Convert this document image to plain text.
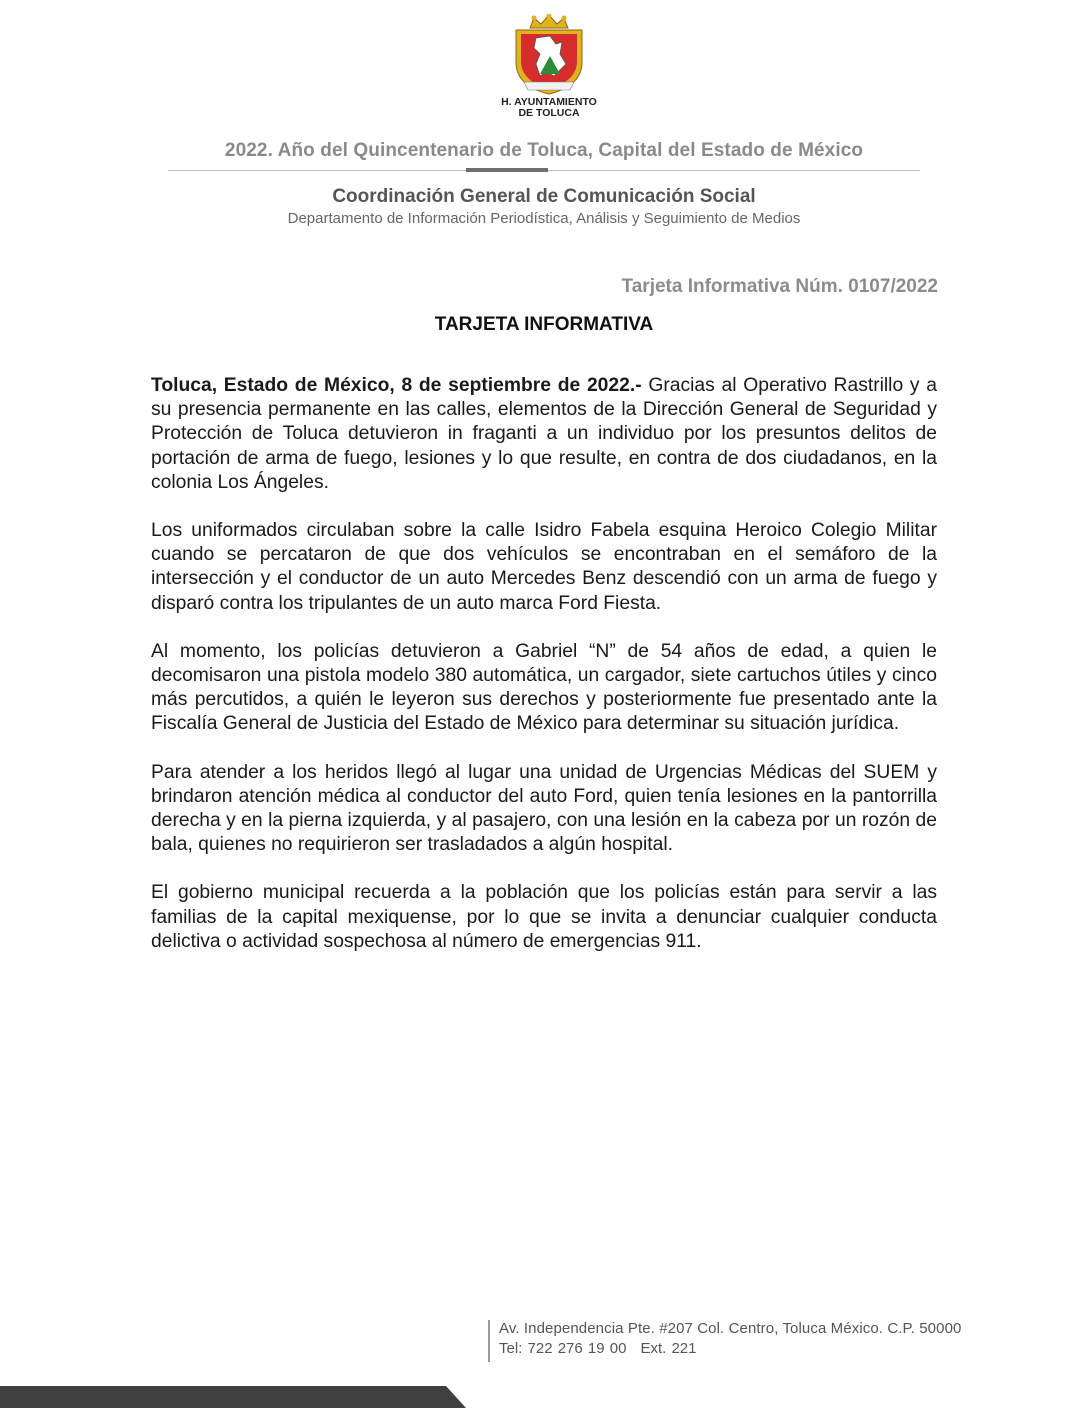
H. AYUNTAMIENTO
DE TOLUCA
2022. Año del Quincentenario de Toluca, Capital del Estado de México
Coordinación General de Comunicación Social
Departamento de Información Periodística, Análisis y Seguimiento de Medios
Tarjeta Informativa Núm. 0107/2022
TARJETA INFORMATIVA

Toluca, Estado de México, 8 de septiembre de 2022.- Gracias al Operativo Rastrillo y a su presencia permanente en las calles, elementos de la Dirección General de Seguridad y Protección de Toluca detuvieron in fraganti a un individuo por los presuntos delitos de portación de arma de fuego, lesiones y lo que resulte, en contra de dos ciudadanos, en la colonia Los Ángeles.

Los uniformados circulaban sobre la calle Isidro Fabela esquina Heroico Colegio Militar cuando se percataron de que dos vehículos se encontraban en el semáforo de la intersección y el conductor de un auto Mercedes Benz descendió con un arma de fuego y disparó contra los tripulantes de un auto marca Ford Fiesta.

Al momento, los policías detuvieron a Gabriel “N” de 54 años de edad, a quien le decomisaron una pistola modelo 380 automática, un cargador, siete cartuchos útiles y cinco más percutidos, a quién le leyeron sus derechos y posteriormente fue presentado ante la Fiscalía General de Justicia del Estado de México para determinar su situación jurídica.

Para atender a los heridos llegó al lugar una unidad de Urgencias Médicas del SUEM y brindaron atención médica al conductor del auto Ford, quien tenía lesiones en la pantorrilla derecha y en la pierna izquierda, y al pasajero, con una lesión en la cabeza por un rozón de bala, quienes no requirieron ser trasladados a algún hospital.

El gobierno municipal recuerda a la población que los policías están para servir a las familias de la capital mexiquense, por lo que se invita a denunciar cualquier conducta delictiva o actividad sospechosa al número de emergencias 911.

Av. Independencia Pte. #207 Col. Centro, Toluca México. C.P. 50000
Tel: 722 276 19 00 Ext. 221
